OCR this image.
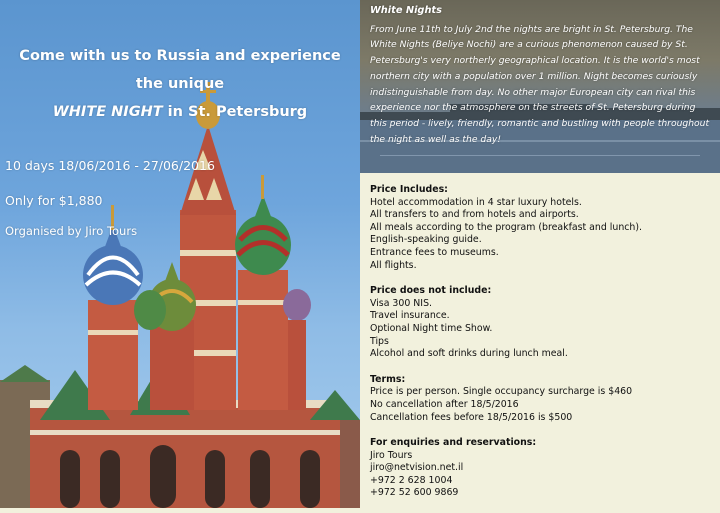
Come with us to Russia and experience the unique
WHITE NIGHT in St. Petersburg
10 days 18/06/2016 - 27/06/2016
Only for $1,880
Organised by Jiro Tours
White Nights
From June 11th to July 2nd the nights are bright in St. Petersburg. The White Nights (Beliye Nochi) are a curious phenomenon caused by St. Petersburg's very northerly geographical location. It is the world's most northern city with a population over 1 million. Night becomes curiously indistinguishable from day. No other major European city can rival this experience nor the atmosphere on the streets of St. Petersburg during this period - lively, friendly, romantic and bustling with people throughout the night as well as the day!
Price Includes:
Hotel accommodation in 4 star luxury hotels.
All transfers to and from hotels and airports.
All meals according to the program (breakfast and lunch).
English-speaking guide.
Entrance fees to museums.
All flights.
Price does not include:
Visa 300 NIS.
Travel insurance.
Optional Night time Show.
Tips
Alcohol and soft drinks during lunch meal.
Terms:
Price is per person. Single occupancy surcharge is $460
No cancellation after 18/5/2016
Cancellation fees before 18/5/2016 is $500
For enquiries and reservations:
Jiro Tours
jiro@netvision.net.il
+972 2 628 1004
+972 52 600 9869
